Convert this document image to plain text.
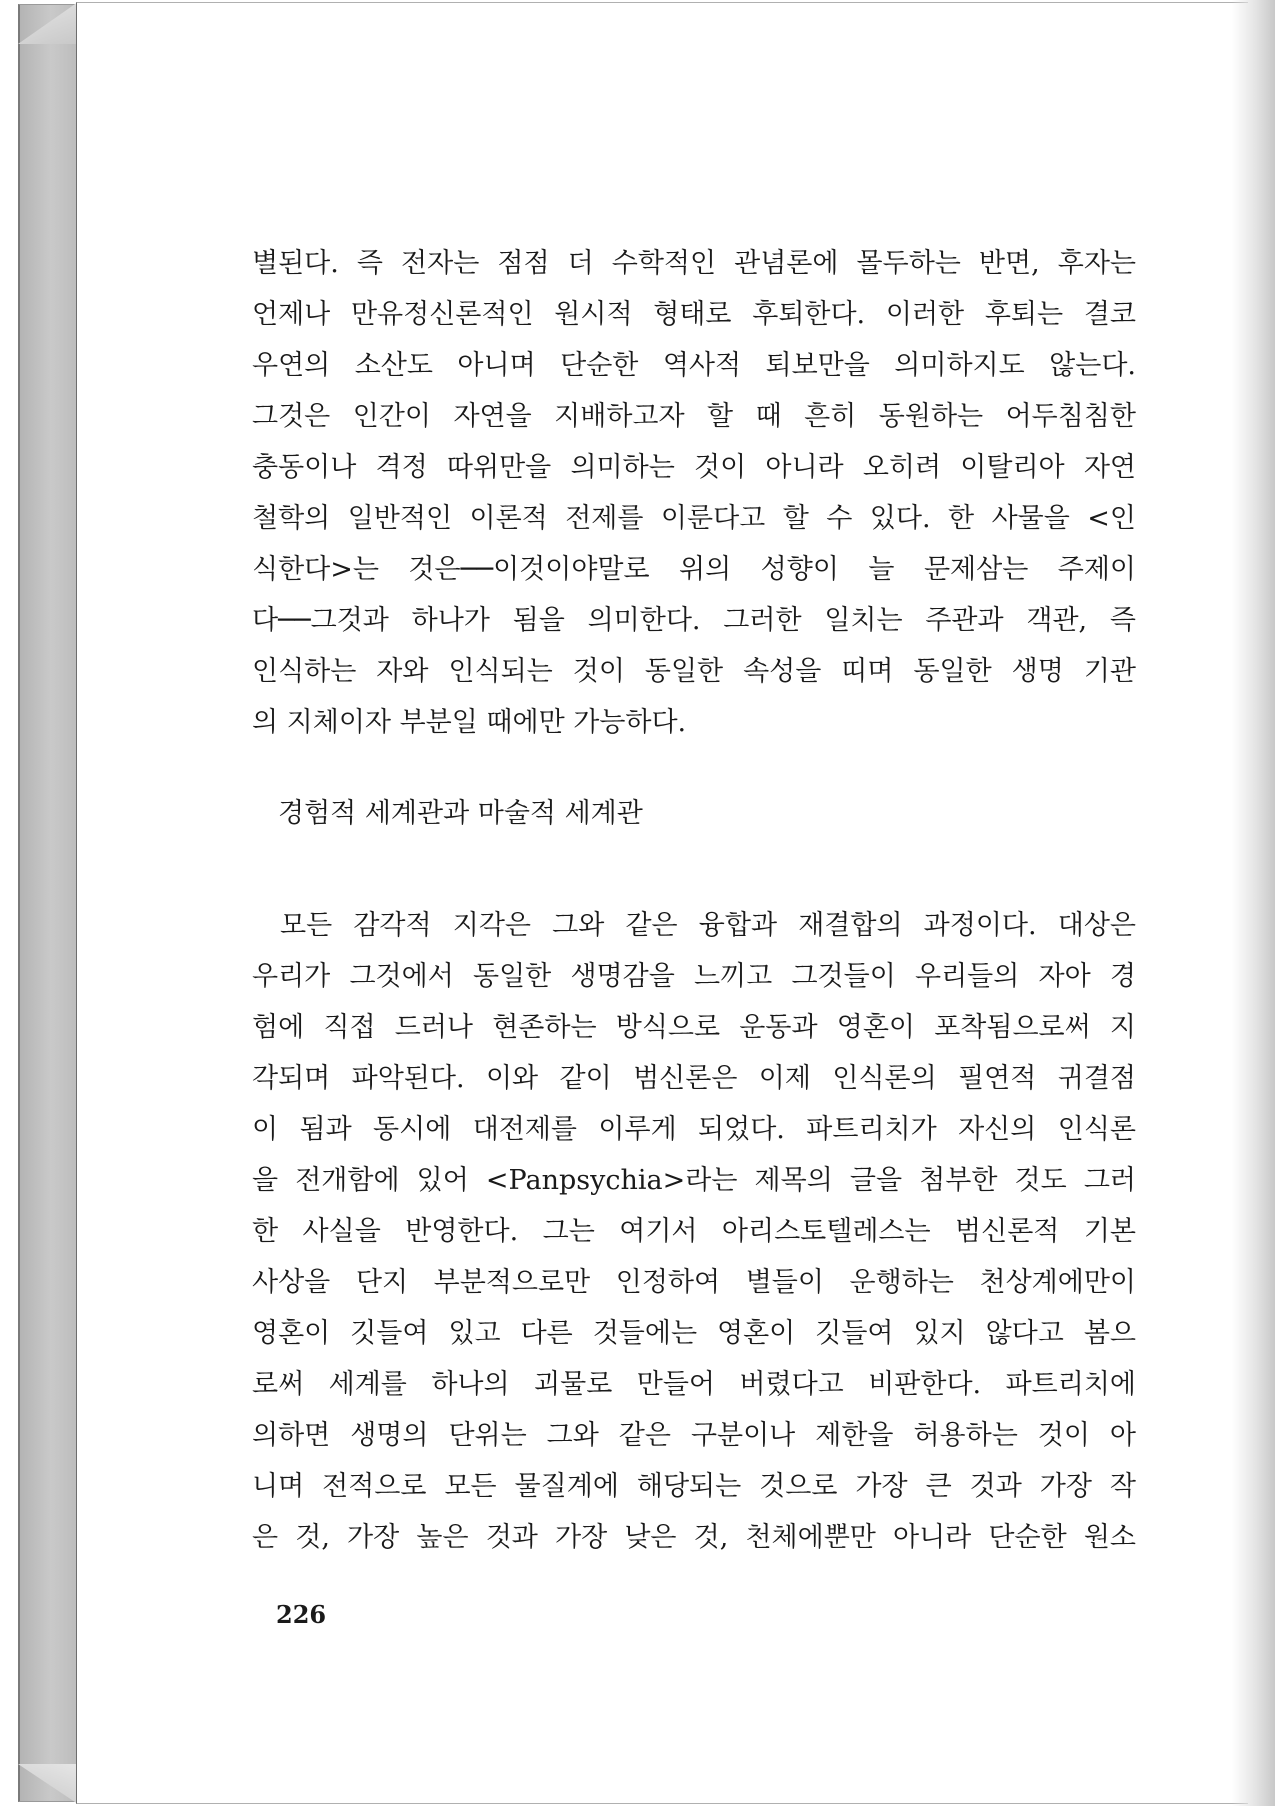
별된다. 즉 전자는 점점 더 수학적인 관념론에 몰두하는 반면, 후자는
언제나 만유정신론적인 원시적 형태로 후퇴한다. 이러한 후퇴는 결코
우연의 소산도 아니며 단순한 역사적 퇴보만을 의미하지도 않는다.
그것은 인간이 자연을 지배하고자 할 때 흔히 동원하는 어두침침한
충동이나 격정 따위만을 의미하는 것이 아니라 오히려 이탈리아 자연
철학의 일반적인 이론적 전제를 이룬다고 할 수 있다. 한 사물을 <인
식한다>는 것은──이것이야말로 위의 성향이 늘 문제삼는 주제이
다──그것과 하나가 됨을 의미한다. 그러한 일치는 주관과 객관, 즉
인식하는 자와 인식되는 것이 동일한 속성을 띠며 동일한 생명 기관
의 지체이자 부분일 때에만 가능하다.
경험적 세계관과 마술적 세계관
모든 감각적 지각은 그와 같은 융합과 재결합의 과정이다. 대상은
우리가 그것에서 동일한 생명감을 느끼고 그것들이 우리들의 자아 경
험에 직접 드러나 현존하는 방식으로 운동과 영혼이 포착됨으로써 지
각되며 파악된다. 이와 같이 범신론은 이제 인식론의 필연적 귀결점
이 됨과 동시에 대전제를 이루게 되었다. 파트리치가 자신의 인식론
을 전개함에 있어 <Panpsychia>라는 제목의 글을 첨부한 것도 그러
한 사실을 반영한다. 그는 여기서 아리스토텔레스는 범신론적 기본
사상을 단지 부분적으로만 인정하여 별들이 운행하는 천상계에만이
영혼이 깃들여 있고 다른 것들에는 영혼이 깃들여 있지 않다고 봄으
로써 세계를 하나의 괴물로 만들어 버렸다고 비판한다. 파트리치에
의하면 생명의 단위는 그와 같은 구분이나 제한을 허용하는 것이 아
니며 전적으로 모든 물질계에 해당되는 것으로 가장 큰 것과 가장 작
은 것, 가장 높은 것과 가장 낮은 것, 천체에뿐만 아니라 단순한 원소
226
